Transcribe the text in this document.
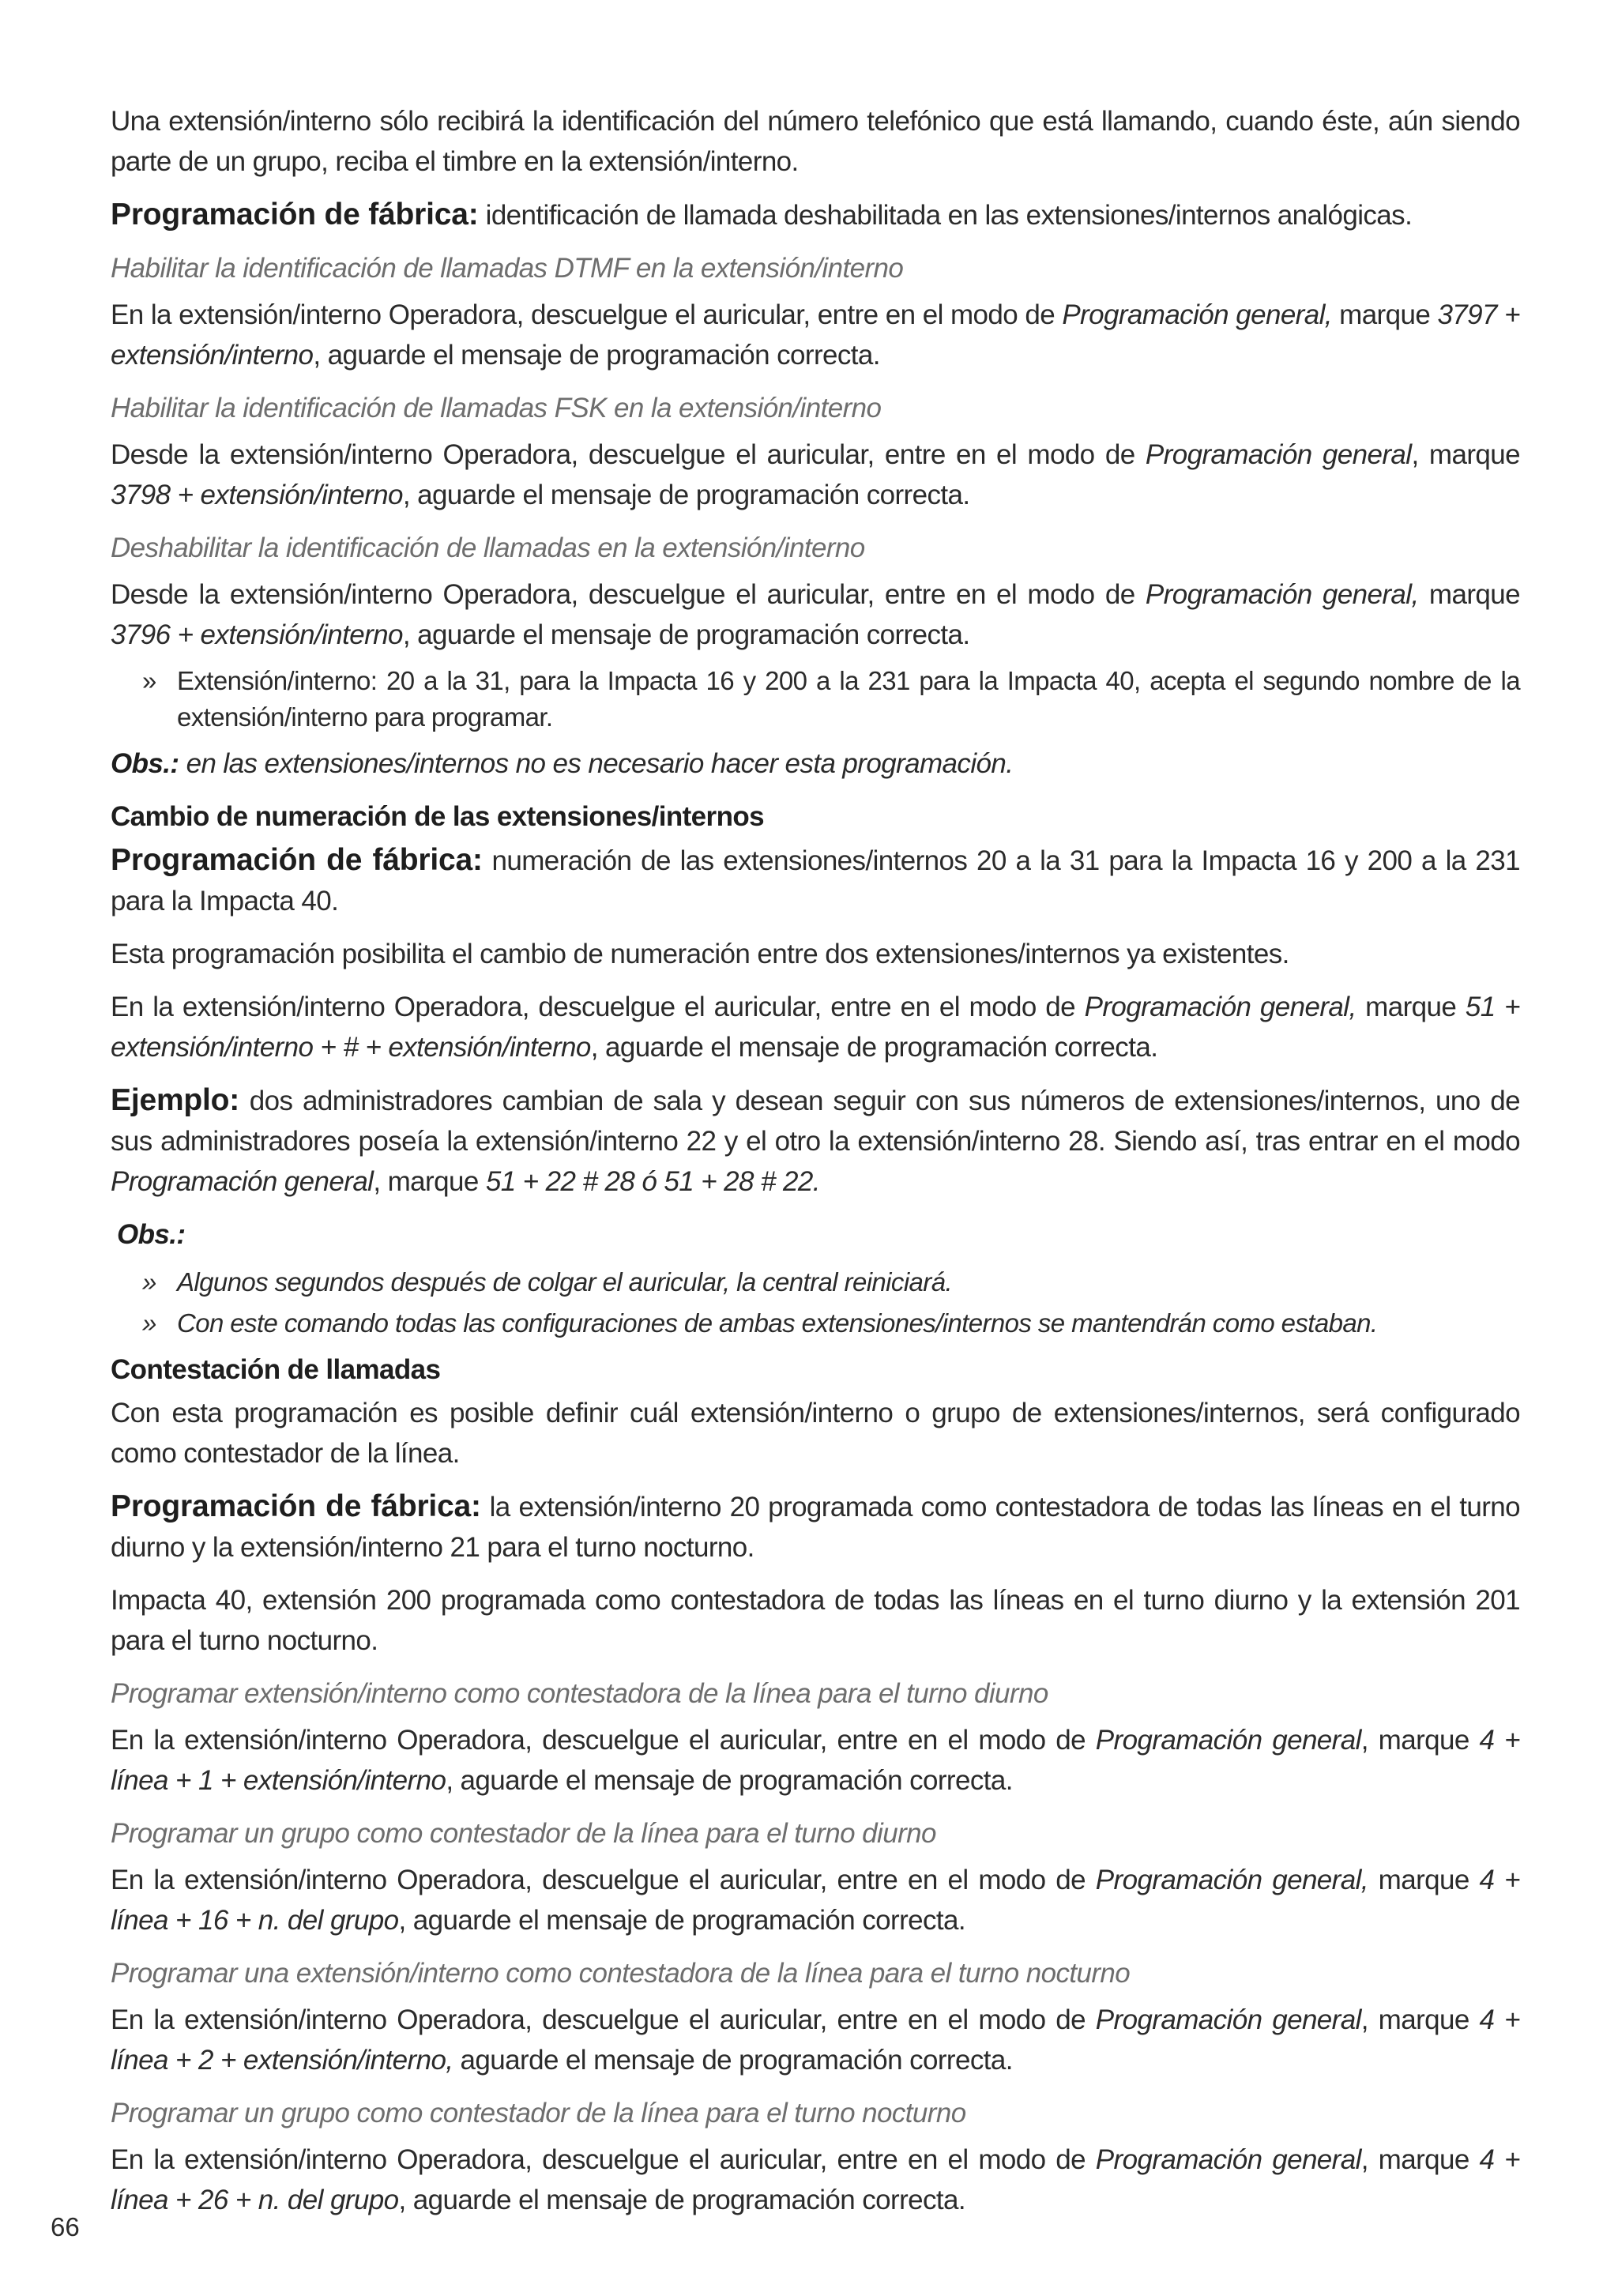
Una extensión/interno sólo recibirá la identificación del número telefónico que está llamando, cuando éste, aún siendo parte de un grupo, reciba el timbre en la extensión/interno.

Programación de fábrica: identificación de llamada deshabilitada en las extensiones/internos analógicas.

Habilitar la identificación de llamadas DTMF en la extensión/interno

En la extensión/interno Operadora, descuelgue el auricular, entre en el modo de Programación general, marque 3797 + extensión/interno, aguarde el mensaje de programación correcta.

Habilitar la identificación de llamadas FSK en la extensión/interno

Desde la extensión/interno Operadora, descuelgue el auricular, entre en el modo de Programación general, marque 3798 + extensión/interno, aguarde el mensaje de programación correcta.

Deshabilitar la identificación de llamadas en la extensión/interno

Desde la extensión/interno Operadora, descuelgue el auricular, entre en el modo de Programación general, marque 3796 + extensión/interno, aguarde el mensaje de programación correcta.

» Extensión/interno: 20 a la 31, para la Impacta 16 y 200 a la 231 para la Impacta 40, acepta el segundo nombre de la extensión/interno para programar.

Obs.: en las extensiones/internos no es necesario hacer esta programación.

Cambio de numeración de las extensiones/internos

Programación de fábrica: numeración de las extensiones/internos 20 a la 31 para la Impacta 16 y 200 a la 231 para la Impacta 40.

Esta programación posibilita el cambio de numeración entre dos extensiones/internos ya existentes.

En la extensión/interno Operadora, descuelgue el auricular, entre en el modo de Programación general, marque 51 + extensión/interno + # + extensión/interno, aguarde el mensaje de programación correcta.

Ejemplo: dos administradores cambian de sala y desean seguir con sus números de extensiones/internos, uno de sus administradores poseía la extensión/interno 22 y el otro la extensión/interno 28. Siendo así, tras entrar en el modo Programación general, marque 51 + 22 # 28 ó 51 + 28 # 22.

Obs.:

» Algunos segundos después de colgar el auricular, la central reiniciará.
» Con este comando todas las configuraciones de ambas extensiones/internos se mantendrán como estaban.

Contestación de llamadas

Con esta programación es posible definir cuál extensión/interno o grupo de extensiones/internos, será configurado como contestador de la línea.

Programación de fábrica: la extensión/interno 20 programada como contestadora de todas las líneas en el turno diurno y la extensión/interno 21 para el turno nocturno.

Impacta 40, extensión 200 programada como contestadora de todas las líneas en el turno diurno y la extensión 201 para el turno nocturno.

Programar extensión/interno como contestadora de la línea para el turno diurno

En la extensión/interno Operadora, descuelgue el auricular, entre en el modo de Programación general, marque 4 + línea + 1 + extensión/interno, aguarde el mensaje de programación correcta.

Programar un grupo como contestador de la línea para el turno diurno

En la extensión/interno Operadora, descuelgue el auricular, entre en el modo de Programación general, marque 4 + línea + 16 + n. del grupo, aguarde el mensaje de programación correcta.

Programar una extensión/interno como contestadora de la línea para el turno nocturno

En la extensión/interno Operadora, descuelgue el auricular, entre en el modo de Programación general, marque 4 + línea + 2 + extensión/interno, aguarde el mensaje de programación correcta.

Programar un grupo como contestador de la línea para el turno nocturno

En la extensión/interno Operadora, descuelgue el auricular, entre en el modo de Programación general, marque 4 + línea + 26 + n. del grupo, aguarde el mensaje de programación correcta.

66
